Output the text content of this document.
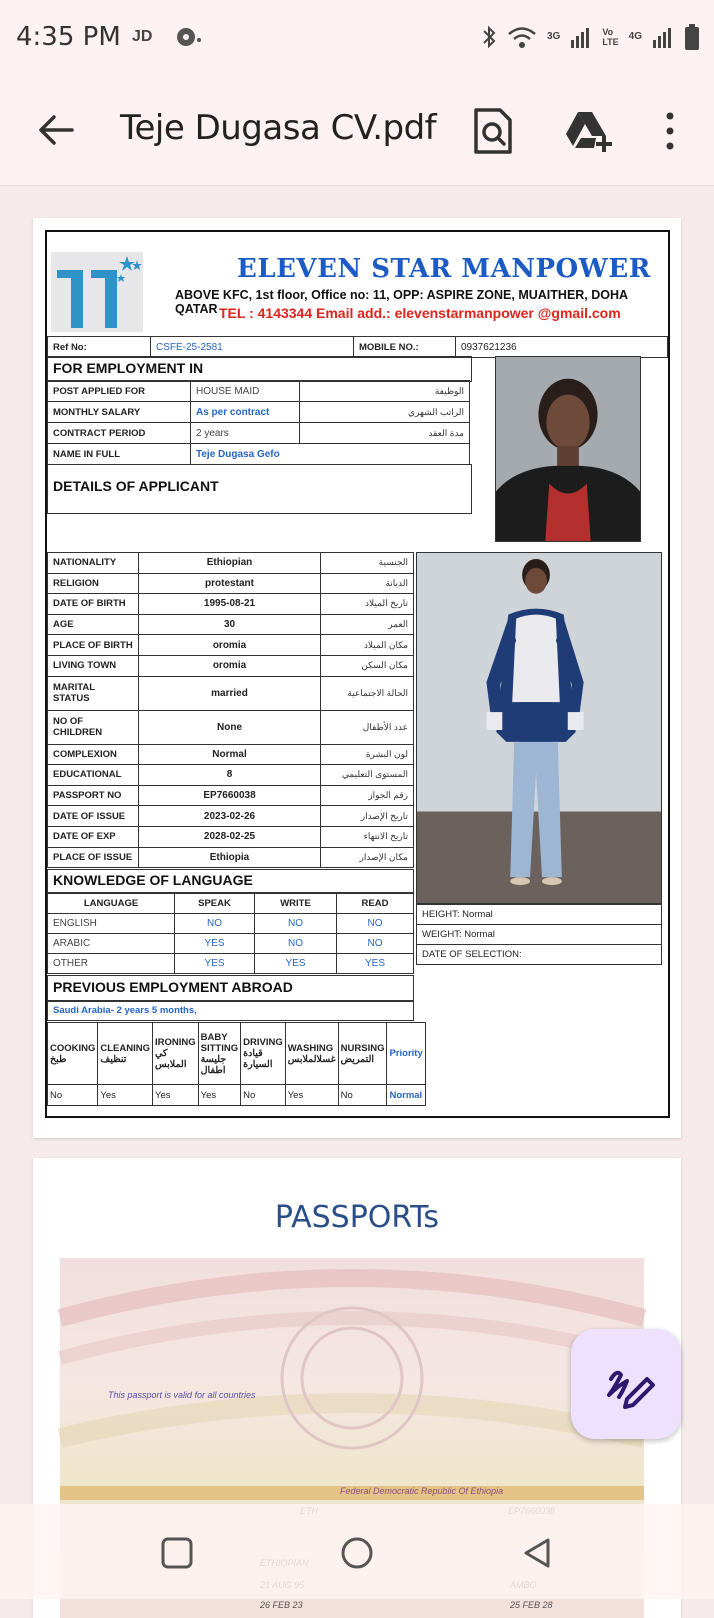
4:35 PM JD	3G	Vo
LTE 4G
Teje Dugasa CV.pdf
ELEVEN STAR MANPOWER
ABOVE KFC, 1st floor, Office no: 11, OPP: ASPIRE ZONE, MUAITHER, DOHA QATAR TEL : 4143344 Email add.: elevenstarmanpower @gmail.com
Ref No:	CSFE-25-2581	MOBILE NO.:	0937621236
FOR EMPLOYMENT IN
POST APPLIED FOR	HOUSE MAID	الوظيفة
MONTHLY SALARY	As per contract	الراتب الشهري
CONTRACT PERIOD	2 years	مدة العقد
NAME IN FULL	Teje Dugasa Gefo	
DETAILS OF APPLICANT
NATIONALITY	Ethiopian	الجنسية
RELIGION	protestant	الديانة
DATE OF BIRTH	1995-08-21	تاريخ الميلاد
AGE	30	العمر
PLACE OF BIRTH	oromia	مكان الميلاد
LIVING TOWN	oromia	مكان السكن
MARITAL STATUS	married	الحالة الاجتماعية
NO OF CHILDREN	None	عدد الأطفال
COMPLEXION	Normal	لون البشرة
EDUCATIONAL	8	المستوى التعليمي
PASSPORT NO	EP7660038	رقم الجواز
DATE OF ISSUE	2023-02-26	تاريخ الإصدار
DATE OF EXP	2028-02-25	تاريخ الانتهاء
PLACE OF ISSUE	Ethiopia	مكان الإصدار
KNOWLEDGE OF LANGUAGE
LANGUAGE	SPEAK	WRITE	READ
ENGLISH	NO	NO	NO
ARABIC	YES	NO	NO
OTHER	YES	YES	YES
PREVIOUS EMPLOYMENT ABROAD
Saudi Arabia- 2 years 5 months,
COOKING طبخ	CLEANING تنظيف	IRONING كي الملابس	BABY SITTING جليسة اطفال	DRIVING قيادة السيارة	WASHING غسلالملابس	NURSING التمريض	Priority
No	Yes	Yes	Yes	No	Yes	No	Normal
HEIGHT: Normal
WEIGHT: Normal
DATE OF SELECTION:
PASSPORTs
This passport is valid for all countries
Federal Democratic Republic Of Ethiopia
26 FEB 23	25 FEB 28
